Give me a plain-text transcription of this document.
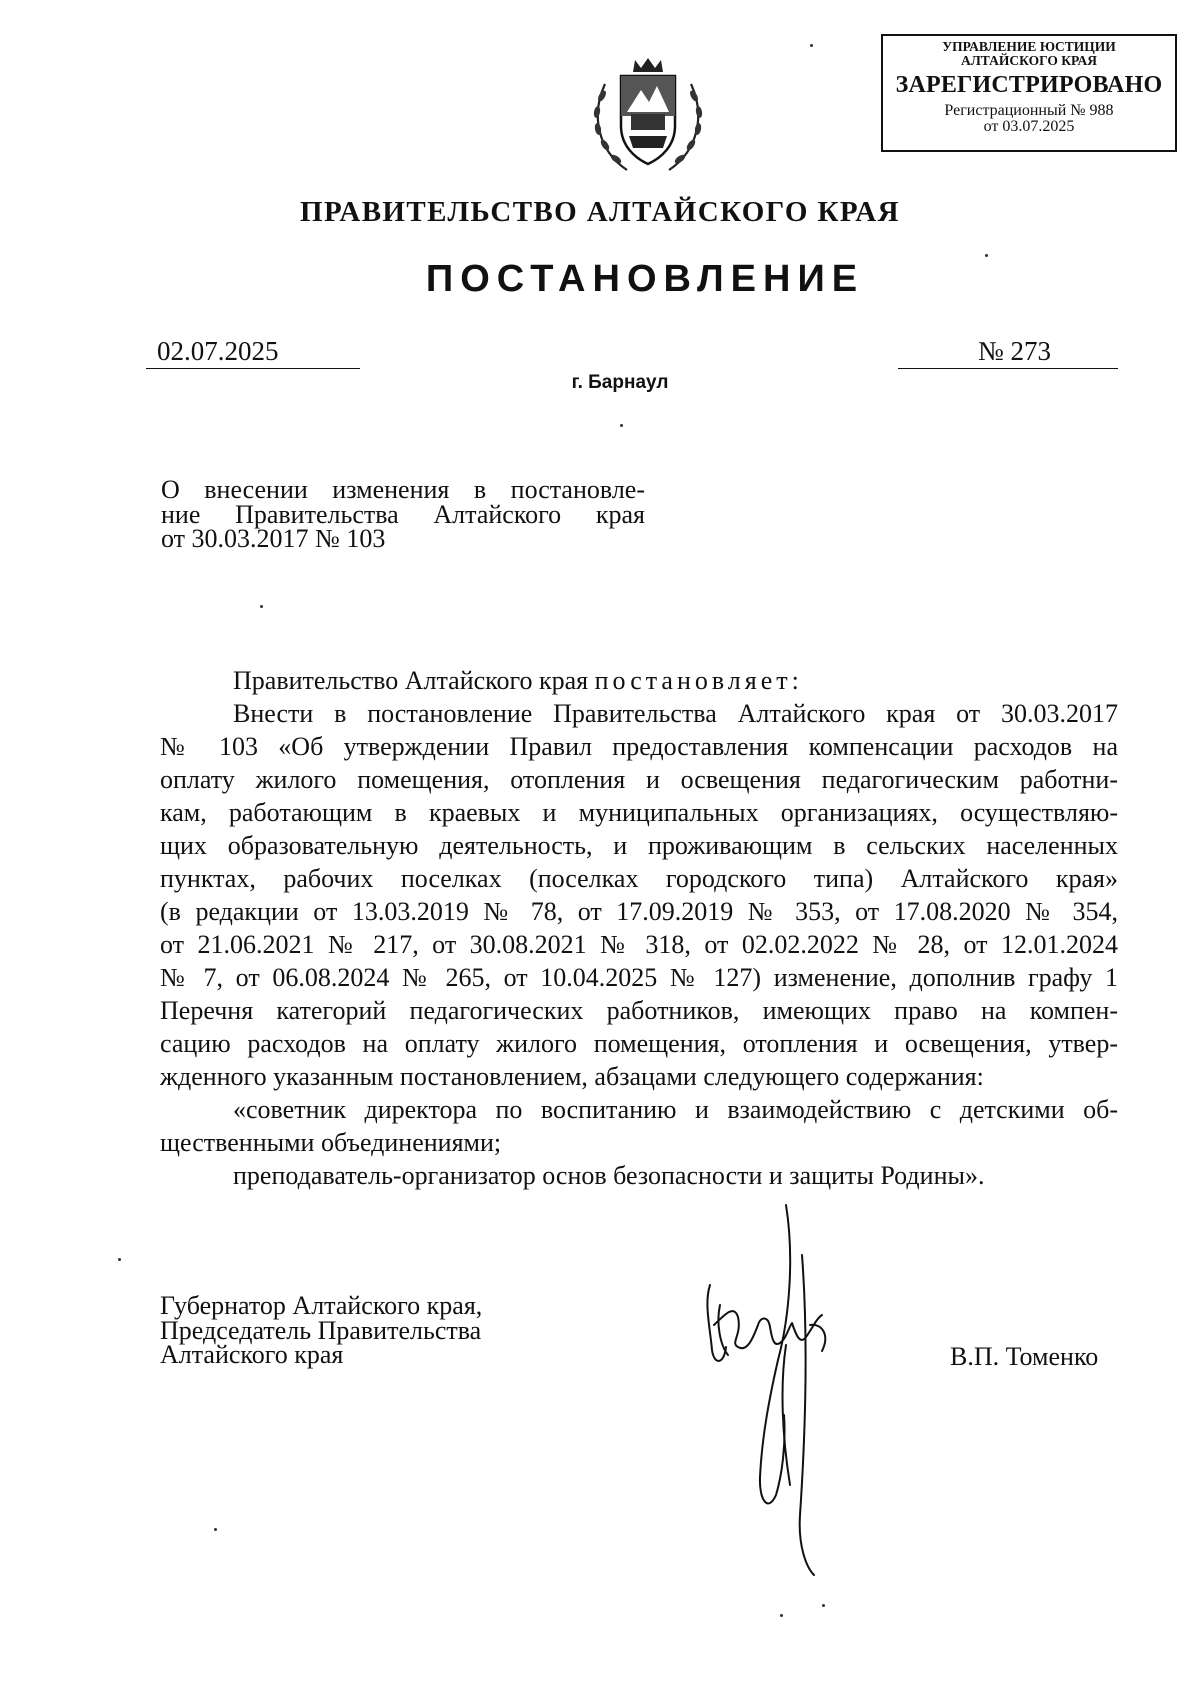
УПРАВЛЕНИЕ ЮСТИЦИИ
АЛТАЙСКОГО КРАЯ
ЗАРЕГИСТРИРОВАНО
Регистрационный № 988
от 03.07.2025
ПРАВИТЕЛЬСТВО АЛТАЙСКОГО КРАЯ
ПОСТАНОВЛЕНИЕ
02.07.2025	№ 273
г. Барнаул
О внесении изменения в постановле-
ние Правительства Алтайского края
от 30.03.2017 № 103

Правительство Алтайского края постановляет:

Внести в постановление Правительства Алтайского края от 30.03.2017
№ 103 «Об утверждении Правил предоставления компенсации расходов на
оплату жилого помещения, отопления и освещения педагогическим работни-
кам, работающим в краевых и муниципальных организациях, осуществляю-
щих образовательную деятельность, и проживающим в сельских населенных
пунктах, рабочих поселках (поселках городского типа) Алтайского края»
(в редакции от 13.03.2019 № 78, от 17.09.2019 № 353, от 17.08.2020 № 354,
от 21.06.2021 № 217, от 30.08.2021 № 318, от 02.02.2022 № 28, от 12.01.2024
№ 7, от 06.08.2024 № 265, от 10.04.2025 № 127) изменение, дополнив графу 1
Перечня категорий педагогических работников, имеющих право на компен-
сацию расходов на оплату жилого помещения, отопления и освещения, утвер-
жденного указанным постановлением, абзацами следующего содержания:

«советник директора по воспитанию и взаимодействию с детскими об-
щественными объединениями;

преподаватель-организатор основ безопасности и защиты Родины».

Губернатор Алтайского края,
Председатель Правительства
Алтайского края	В.П. Томенко
